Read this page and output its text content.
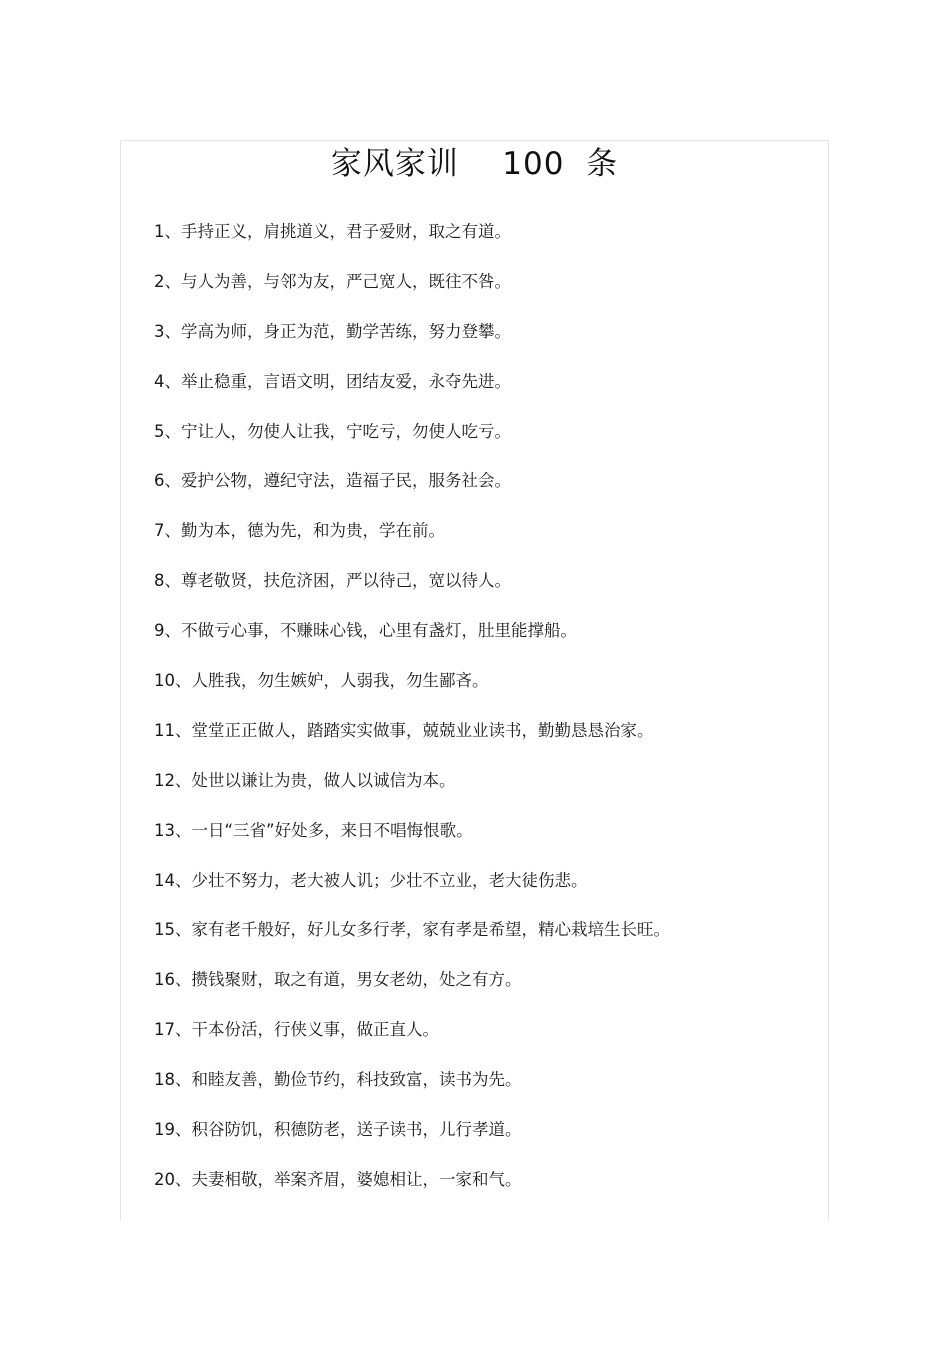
家风家训    100  条
1、手持正义，肩挑道义，君子爱财，取之有道。
2、与人为善，与邻为友，严己宽人，既往不咎。
3、学高为师，身正为范，勤学苦练，努力登攀。
4、举止稳重，言语文明，团结友爱，永夺先进。
5、宁让人，勿使人让我，宁吃亏，勿使人吃亏。
6、爱护公物，遵纪守法，造福子民，服务社会。
7、勤为本，德为先，和为贵，学在前。
8、尊老敬贤，扶危济困，严以待己，宽以待人。
9、不做亏心事，不赚昧心钱，心里有盏灯，肚里能撑船。
10、人胜我，勿生嫉妒，人弱我，勿生鄙吝。
11、堂堂正正做人，踏踏实实做事，兢兢业业读书，勤勤恳恳治家。
12、处世以谦让为贵，做人以诚信为本。
13、一日“三省”好处多，来日不唱悔恨歌。
14、少壮不努力，老大被人讥；少壮不立业，老大徒伤悲。
15、家有老千般好，好儿女多行孝，家有孝是希望，精心栽培生长旺。
16、攒钱聚财，取之有道，男女老幼，处之有方。
17、干本份活，行侠义事，做正直人。
18、和睦友善，勤俭节约，科技致富，读书为先。
19、积谷防饥，积德防老，送子读书，儿行孝道。
20、夫妻相敬，举案齐眉，婆媳相让，一家和气。
